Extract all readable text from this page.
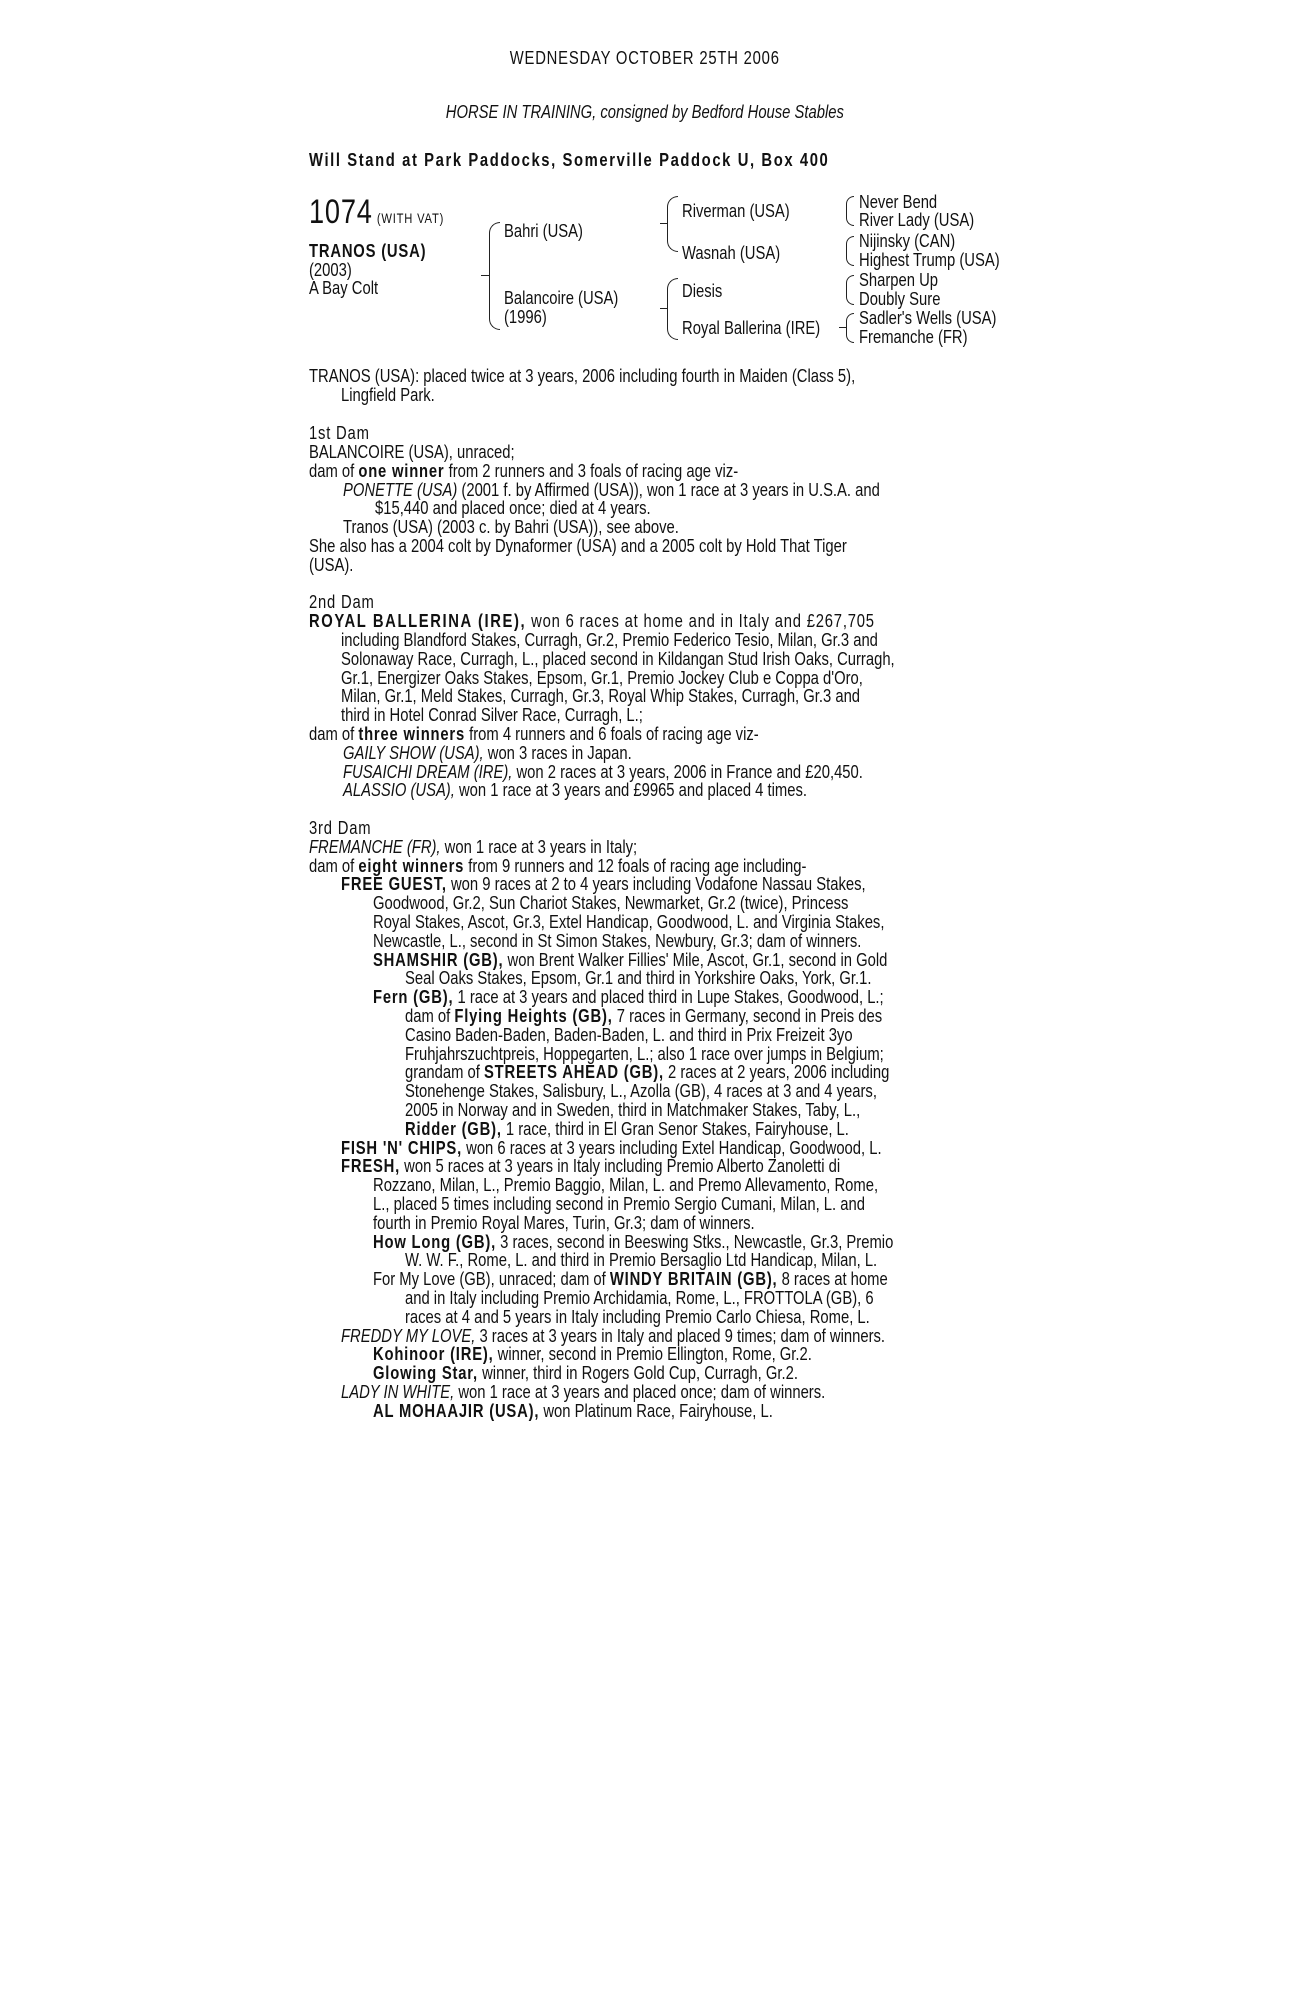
WEDNESDAY OCTOBER 25TH 2006
HORSE IN TRAINING, consigned by Bedford House Stables
Will Stand at Park Paddocks, Somerville Paddock U, Box 400
1074 (WITH VAT)
TRANOS (USA)
(2003)
A Bay Colt
Bahri (USA)
Balancoire (USA)
(1996)
Riverman (USA)
Wasnah (USA)
Diesis
Royal Ballerina (IRE)
Never Bend
River Lady (USA)
Nijinsky (CAN)
Highest Trump (USA)
Sharpen Up
Doubly Sure
Sadler's Wells (USA)
Fremanche (FR)
TRANOS (USA): placed twice at 3 years, 2006 including fourth in Maiden (Class 5),
Lingfield Park.
1st Dam
BALANCOIRE (USA), unraced;
dam of one winner from 2 runners and 3 foals of racing age viz-
PONETTE (USA) (2001 f. by Affirmed (USA)), won 1 race at 3 years in U.S.A. and
$15,440 and placed once; died at 4 years.
Tranos (USA) (2003 c. by Bahri (USA)), see above.
She also has a 2004 colt by Dynaformer (USA) and a 2005 colt by Hold That Tiger
(USA).
2nd Dam
ROYAL BALLERINA (IRE), won 6 races at home and in Italy and £267,705
including Blandford Stakes, Curragh, Gr.2, Premio Federico Tesio, Milan, Gr.3 and
Solonaway Race, Curragh, L., placed second in Kildangan Stud Irish Oaks, Curragh,
Gr.1, Energizer Oaks Stakes, Epsom, Gr.1, Premio Jockey Club e Coppa d'Oro,
Milan, Gr.1, Meld Stakes, Curragh, Gr.3, Royal Whip Stakes, Curragh, Gr.3 and
third in Hotel Conrad Silver Race, Curragh, L.;
dam of three winners from 4 runners and 6 foals of racing age viz-
GAILY SHOW (USA), won 3 races in Japan.
FUSAICHI DREAM (IRE), won 2 races at 3 years, 2006 in France and £20,450.
ALASSIO (USA), won 1 race at 3 years and £9965 and placed 4 times.
3rd Dam
FREMANCHE (FR), won 1 race at 3 years in Italy;
dam of eight winners from 9 runners and 12 foals of racing age including-
FREE GUEST, won 9 races at 2 to 4 years including Vodafone Nassau Stakes,
Goodwood, Gr.2, Sun Chariot Stakes, Newmarket, Gr.2 (twice), Princess
Royal Stakes, Ascot, Gr.3, Extel Handicap, Goodwood, L. and Virginia Stakes,
Newcastle, L., second in St Simon Stakes, Newbury, Gr.3; dam of winners.
SHAMSHIR (GB), won Brent Walker Fillies' Mile, Ascot, Gr.1, second in Gold
Seal Oaks Stakes, Epsom, Gr.1 and third in Yorkshire Oaks, York, Gr.1.
Fern (GB), 1 race at 3 years and placed third in Lupe Stakes, Goodwood, L.;
dam of Flying Heights (GB), 7 races in Germany, second in Preis des
Casino Baden-Baden, Baden-Baden, L. and third in Prix Freizeit 3yo
Fruhjahrszuchtpreis, Hoppegarten, L.; also 1 race over jumps in Belgium;
grandam of STREETS AHEAD (GB), 2 races at 2 years, 2006 including
Stonehenge Stakes, Salisbury, L., Azolla (GB), 4 races at 3 and 4 years,
2005 in Norway and in Sweden, third in Matchmaker Stakes, Taby, L.,
Ridder (GB), 1 race, third in El Gran Senor Stakes, Fairyhouse, L.
FISH 'N' CHIPS, won 6 races at 3 years including Extel Handicap, Goodwood, L.
FRESH, won 5 races at 3 years in Italy including Premio Alberto Zanoletti di
Rozzano, Milan, L., Premio Baggio, Milan, L. and Premo Allevamento, Rome,
L., placed 5 times including second in Premio Sergio Cumani, Milan, L. and
fourth in Premio Royal Mares, Turin, Gr.3; dam of winners.
How Long (GB), 3 races, second in Beeswing Stks., Newcastle, Gr.3, Premio
W. W. F., Rome, L. and third in Premio Bersaglio Ltd Handicap, Milan, L.
For My Love (GB), unraced; dam of WINDY BRITAIN (GB), 8 races at home
and in Italy including Premio Archidamia, Rome, L., FROTTOLA (GB), 6
races at 4 and 5 years in Italy including Premio Carlo Chiesa, Rome, L.
FREDDY MY LOVE, 3 races at 3 years in Italy and placed 9 times; dam of winners.
Kohinoor (IRE), winner, second in Premio Ellington, Rome, Gr.2.
Glowing Star, winner, third in Rogers Gold Cup, Curragh, Gr.2.
LADY IN WHITE, won 1 race at 3 years and placed once; dam of winners.
AL MOHAAJIR (USA), won Platinum Race, Fairyhouse, L.
